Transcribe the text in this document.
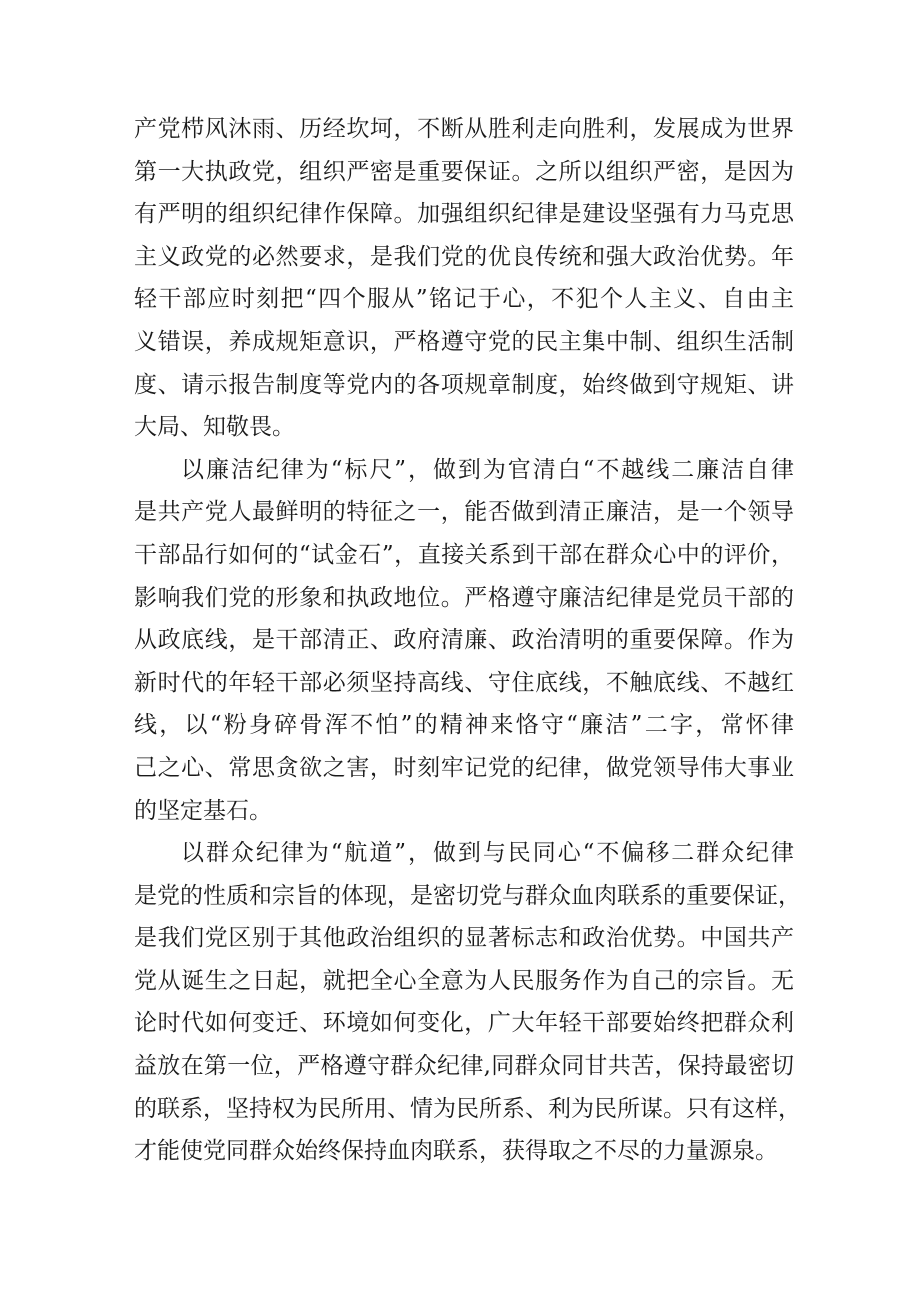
产党栉风沐雨、历经坎坷，不断从胜利走向胜利，发展成为世界
第一大执政党，组织严密是重要保证。之所以组织严密，是因为
有严明的组织纪律作保障。加强组织纪律是建设坚强有力马克思
主义政党的必然要求，是我们党的优良传统和强大政治优势。年
轻干部应时刻把“四个服从”铭记于心，不犯个人主义、自由主
义错误，养成规矩意识，严格遵守党的民主集中制、组织生活制
度、请示报告制度等党内的各项规章制度，始终做到守规矩、讲
大局、知敬畏。
以廉洁纪律为“标尺”，做到为官清白“不越线二廉洁自律
是共产党人最鲜明的特征之一，能否做到清正廉洁，是一个领导
干部品行如何的“试金石”，直接关系到干部在群众心中的评价，
影响我们党的形象和执政地位。严格遵守廉洁纪律是党员干部的
从政底线，是干部清正、政府清廉、政治清明的重要保障。作为
新时代的年轻干部必须坚持高线、守住底线，不触底线、不越红
线，以“粉身碎骨浑不怕”的精神来恪守“廉洁”二字，常怀律
己之心、常思贪欲之害，时刻牢记党的纪律，做党领导伟大事业
的坚定基石。
以群众纪律为“航道”，做到与民同心“不偏移二群众纪律
是党的性质和宗旨的体现，是密切党与群众血肉联系的重要保证，
是我们党区别于其他政治组织的显著标志和政治优势。中国共产
党从诞生之日起，就把全心全意为人民服务作为自己的宗旨。无
论时代如何变迁、环境如何变化，广大年轻干部要始终把群众利
益放在第一位，严格遵守群众纪律,同群众同甘共苦，保持最密切
的联系，坚持权为民所用、情为民所系、利为民所谋。只有这样，
才能使党同群众始终保持血肉联系，获得取之不尽的力量源泉。
